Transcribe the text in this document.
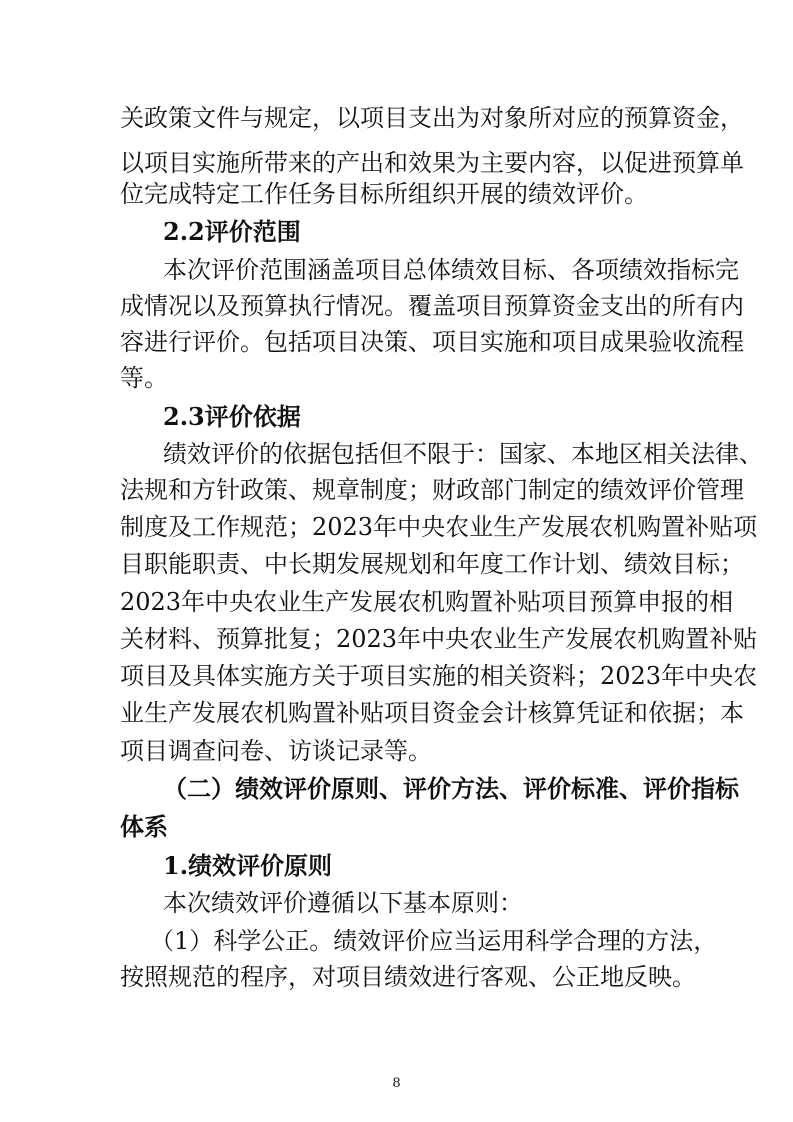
关政策文件与规定，以项目支出为对象所对应的预算资金，
以项目实施所带来的产出和效果为主要内容，以促进预算单
位完成特定工作任务目标所组织开展的绩效评价。
2.2评价范围
本次评价范围涵盖项目总体绩效目标、各项绩效指标完
成情况以及预算执行情况。覆盖项目预算资金支出的所有内
容进行评价。包括项目决策、项目实施和项目成果验收流程
等。
2.3评价依据
绩效评价的依据包括但不限于：国家、本地区相关法律、
法规和方针政策、规章制度；财政部门制定的绩效评价管理
制度及工作规范；2023年中央农业生产发展农机购置补贴项
目职能职责、中长期发展规划和年度工作计划、绩效目标；
2023年中央农业生产发展农机购置补贴项目预算申报的相
关材料、预算批复；2023年中央农业生产发展农机购置补贴
项目及具体实施方关于项目实施的相关资料；2023年中央农
业生产发展农机购置补贴项目资金会计核算凭证和依据；本
项目调查问卷、访谈记录等。
（二）绩效评价原则、评价方法、评价标准、评价指标
体系
1.绩效评价原则
本次绩效评价遵循以下基本原则：
（1）科学公正。绩效评价应当运用科学合理的方法，
按照规范的程序，对项目绩效进行客观、公正地反映。
8
